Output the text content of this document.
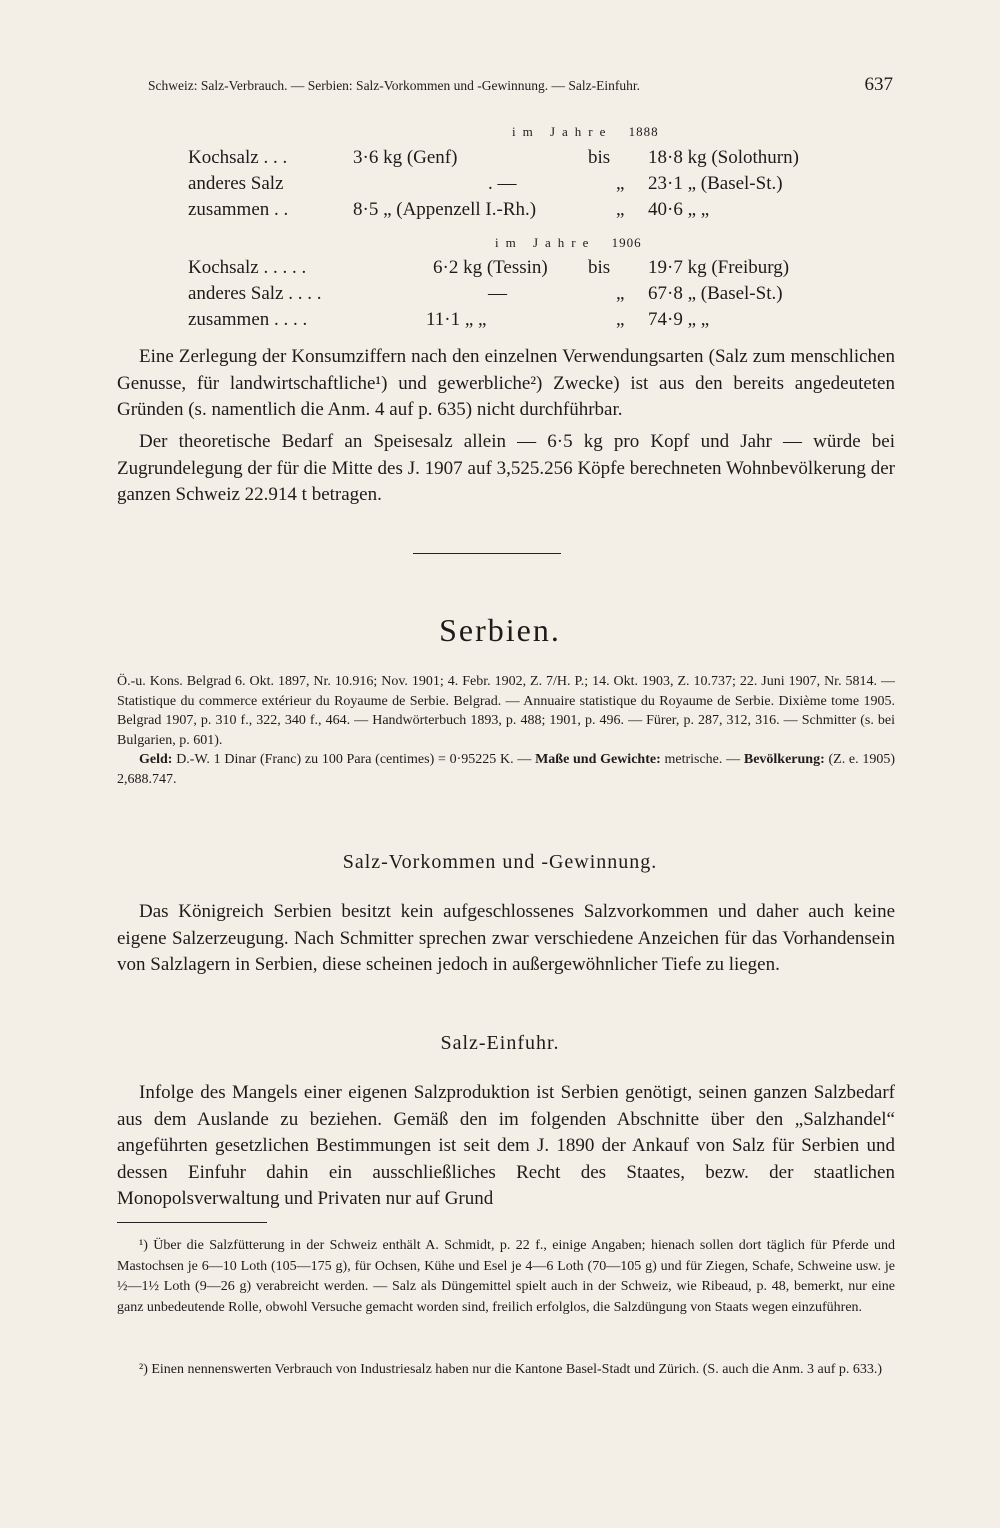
Schweiz: Salz-Verbrauch. — Serbien: Salz-Vorkommen und -Gewinnung. — Salz-Einfuhr.	637
im Jahre 1888
Kochsalz . . .	3·6 kg (Genf)	bis 18·8 kg (Solothurn)
anderes Salz	. —	„ 23·1 „ (Basel-St.)
zusammen . .	8·5 „ (Appenzell I.-Rh.)	„ 40·6 „ „
im Jahre 1906
Kochsalz . . . . .	6·2 kg (Tessin) bis 19·7 kg (Freiburg)
anderes Salz . . . .	—	„ 67·8 „ (Basel-St.)
zusammen . . . .	11·1 „ „	„ 74·9 „ „
Eine Zerlegung der Konsumziffern nach den einzelnen Verwendungsarten (Salz zum menschlichen Genusse, für landwirtschaftliche¹) und gewerbliche²) Zwecke) ist aus den bereits angedeuteten Gründen (s. namentlich die Anm. 4 auf p. 635) nicht durchführbar.
Der theoretische Bedarf an Speisesalz allein — 6·5 kg pro Kopf und Jahr — würde bei Zugrundelegung der für die Mitte des J. 1907 auf 3,525.256 Köpfe berechneten Wohnbevölkerung der ganzen Schweiz 22.914 t betragen.
Serbien.
Ö.-u. Kons. Belgrad 6. Okt. 1897, Nr. 10.916; Nov. 1901; 4. Febr. 1902, Z. 7/H. P.; 14. Okt. 1903, Z. 10.737; 22. Juni 1907, Nr. 5814. — Statistique du commerce extérieur du Royaume de Serbie. Belgrad. — Annuaire statistique du Royaume de Serbie. Dixième tome 1905. Belgrad 1907, p. 310 f., 322, 340 f., 464. — Handwörterbuch 1893, p. 488; 1901, p. 496. — Fürer, p. 287, 312, 316. — Schmitter (s. bei Bulgarien, p. 601).
Geld: D.-W. 1 Dinar (Franc) zu 100 Para (centimes) = 0·95225 K. — Maße und Gewichte: metrische. — Bevölkerung: (Z. e. 1905) 2,688.747.
Salz-Vorkommen und -Gewinnung.
Das Königreich Serbien besitzt kein aufgeschlossenes Salzvorkommen und daher auch keine eigene Salzerzeugung. Nach Schmitter sprechen zwar verschiedene Anzeichen für das Vorhandensein von Salzlagern in Serbien, diese scheinen jedoch in außergewöhnlicher Tiefe zu liegen.
Salz-Einfuhr.
Infolge des Mangels einer eigenen Salzproduktion ist Serbien genötigt, seinen ganzen Salzbedarf aus dem Auslande zu beziehen. Gemäß den im folgenden Abschnitte über den „Salzhandel“ angeführten gesetzlichen Bestimmungen ist seit dem J. 1890 der Ankauf von Salz für Serbien und dessen Einfuhr dahin ein ausschließliches Recht des Staates, bezw. der staatlichen Monopolsverwaltung und Privaten nur auf Grund
¹) Über die Salzfütterung in der Schweiz enthält A. Schmidt, p. 22 f., einige Angaben; hienach sollen dort täglich für Pferde und Mastochsen je 6—10 Loth (105—175 g), für Ochsen, Kühe und Esel je 4—6 Loth (70—105 g) und für Ziegen, Schafe, Schweine usw. je ½—1½ Loth (9—26 g) verabreicht werden. — Salz als Düngemittel spielt auch in der Schweiz, wie Ribeaud, p. 48, bemerkt, nur eine ganz unbedeutende Rolle, obwohl Versuche gemacht worden sind, freilich erfolglos, die Salzdüngung von Staats wegen einzuführen.
²) Einen nennenswerten Verbrauch von Industriesalz haben nur die Kantone Basel-Stadt und Zürich. (S. auch die Anm. 3 auf p. 633.)
